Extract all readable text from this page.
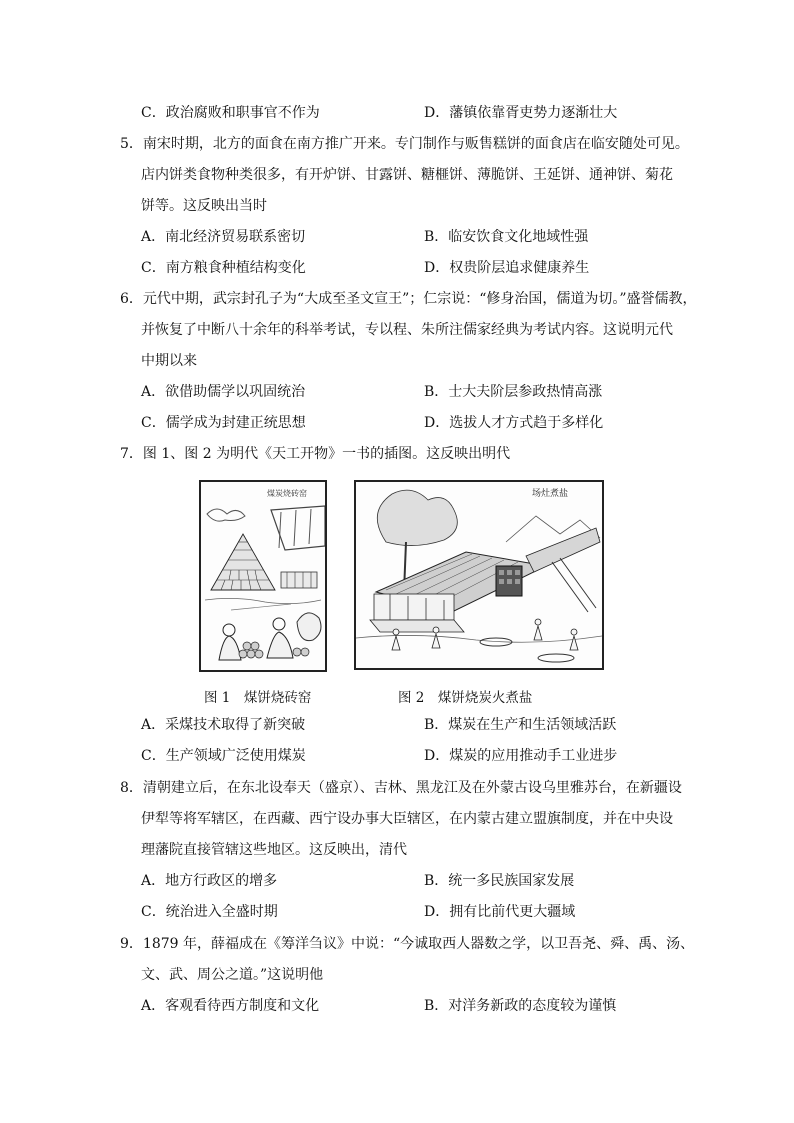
C．政治腐败和职事官不作为	D．藩镇依靠胥吏势力逐渐壮大
5．南宋时期，北方的面食在南方推广开来。专门制作与贩售糕饼的面食店在临安随处可见。
店内饼类食物种类很多，有开炉饼、甘露饼、糖榧饼、薄脆饼、王延饼、通神饼、菊花
饼等。这反映出当时
A．南北经济贸易联系密切	B．临安饮食文化地域性强
C．南方粮食种植结构变化	D．权贵阶层追求健康养生
6．元代中期，武宗封孔子为“大成至圣文宣王”；仁宗说：“修身治国，儒道为切。”盛誉儒教，
并恢复了中断八十余年的科举考试，专以程、朱所注儒家经典为考试内容。这说明元代
中期以来
A．欲借助儒学以巩固统治	B．士大夫阶层参政热情高涨
C．儒学成为封建正统思想	D．选拔人才方式趋于多样化
7．图 1、图 2 为明代《天工开物》一书的插图。这反映出明代
煤炭烧砖窑	场灶煮盐
图 1　煤饼烧砖窑	图 2　煤饼烧炭火煮盐
A．采煤技术取得了新突破	B．煤炭在生产和生活领域活跃
C．生产领域广泛使用煤炭	D．煤炭的应用推动手工业进步
8．清朝建立后，在东北设奉天（盛京）、吉林、黑龙江及在外蒙古设乌里雅苏台，在新疆设
伊犁等将军辖区，在西藏、西宁设办事大臣辖区，在内蒙古建立盟旗制度，并在中央设
理藩院直接管辖这些地区。这反映出，清代
A．地方行政区的增多	B．统一多民族国家发展
C．统治进入全盛时期	D．拥有比前代更大疆域
9．1879 年，薛福成在《筹洋刍议》中说：“今诚取西人器数之学，以卫吾尧、舜、禹、汤、
文、武、周公之道。”这说明他
A．客观看待西方制度和文化	B．对洋务新政的态度较为谨慎
